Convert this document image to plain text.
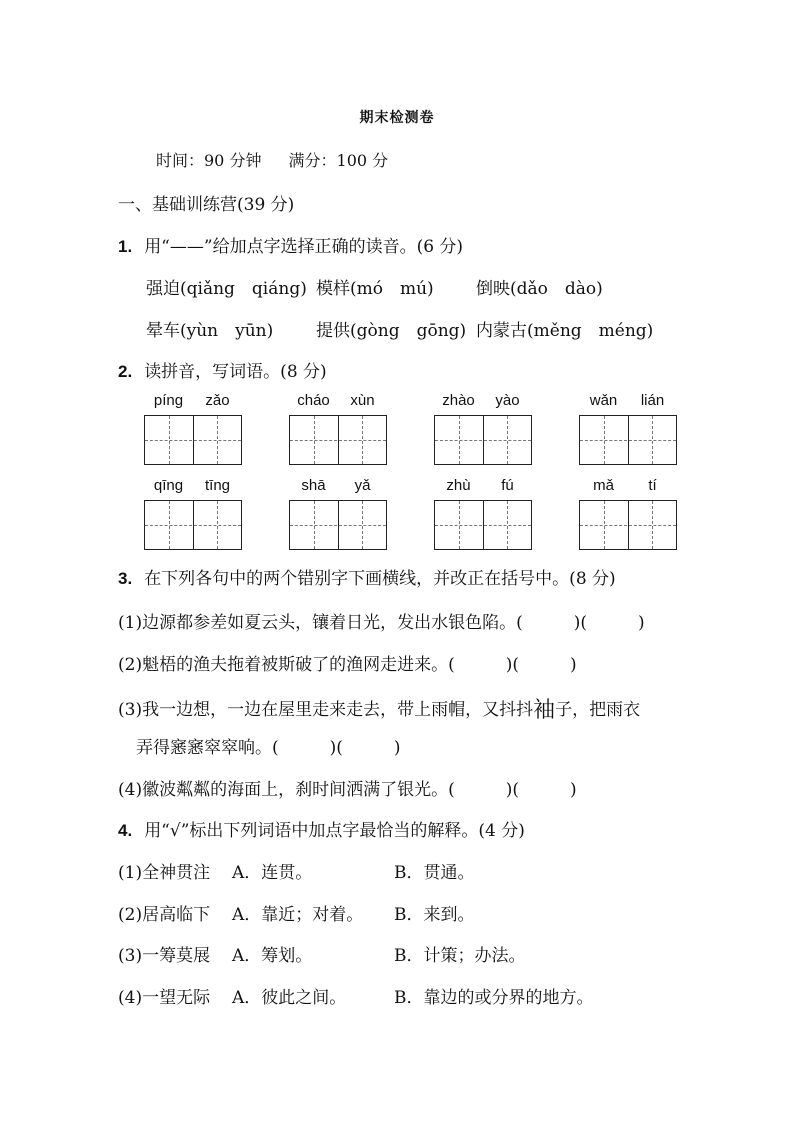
期末检测卷
时间：90 分钟 满分：100 分
一、基础训练营(39 分)
1. 用“——”给加点字选择正确的读音。(6 分)
强迫(qiǎng　qiáng) 模样(mó　mú) 倒映(dǎo　dào)
晕车(yùn　yūn)	提供(gòng　gōng) 内蒙古(měng　méng)
2. 读拼音，写词语。(8 分)
píng	zǎo	cháo	xùn	zhào	yào	wǎn	lián
qīng	tīng	shā	yǎ	zhù	fú	mǎ	tí
3. 在下列各句中的两个错别字下画横线，并改正在括号中。(8 分)
(1)边源都参差如夏云头，镶着日光，发出水银色陷。(　　　)(　　　)
(2)魁梧的渔夫拖着被斯破了的渔网走进来。(　　　)(　　　)
(3)我一边想，一边在屋里走来走去，带上雨帽，又抖抖袖子，把雨衣
弄得窸窸窣窣响。(　　　)(　　　)
(4)徽波粼粼的海面上，刹时间洒满了银光。(　　　)(　　　)
4. 用“√”标出下列词语中加点字最恰当的解释。(4 分)
(1)全神贯注 A．连贯。	B．贯通。
(2)居高临下 A．靠近；对着。 B．来到。
(3)一筹莫展 A．筹划。	B．计策；办法。
(4)一望无际 A．彼此之间。	B．靠边的或分界的地方。
